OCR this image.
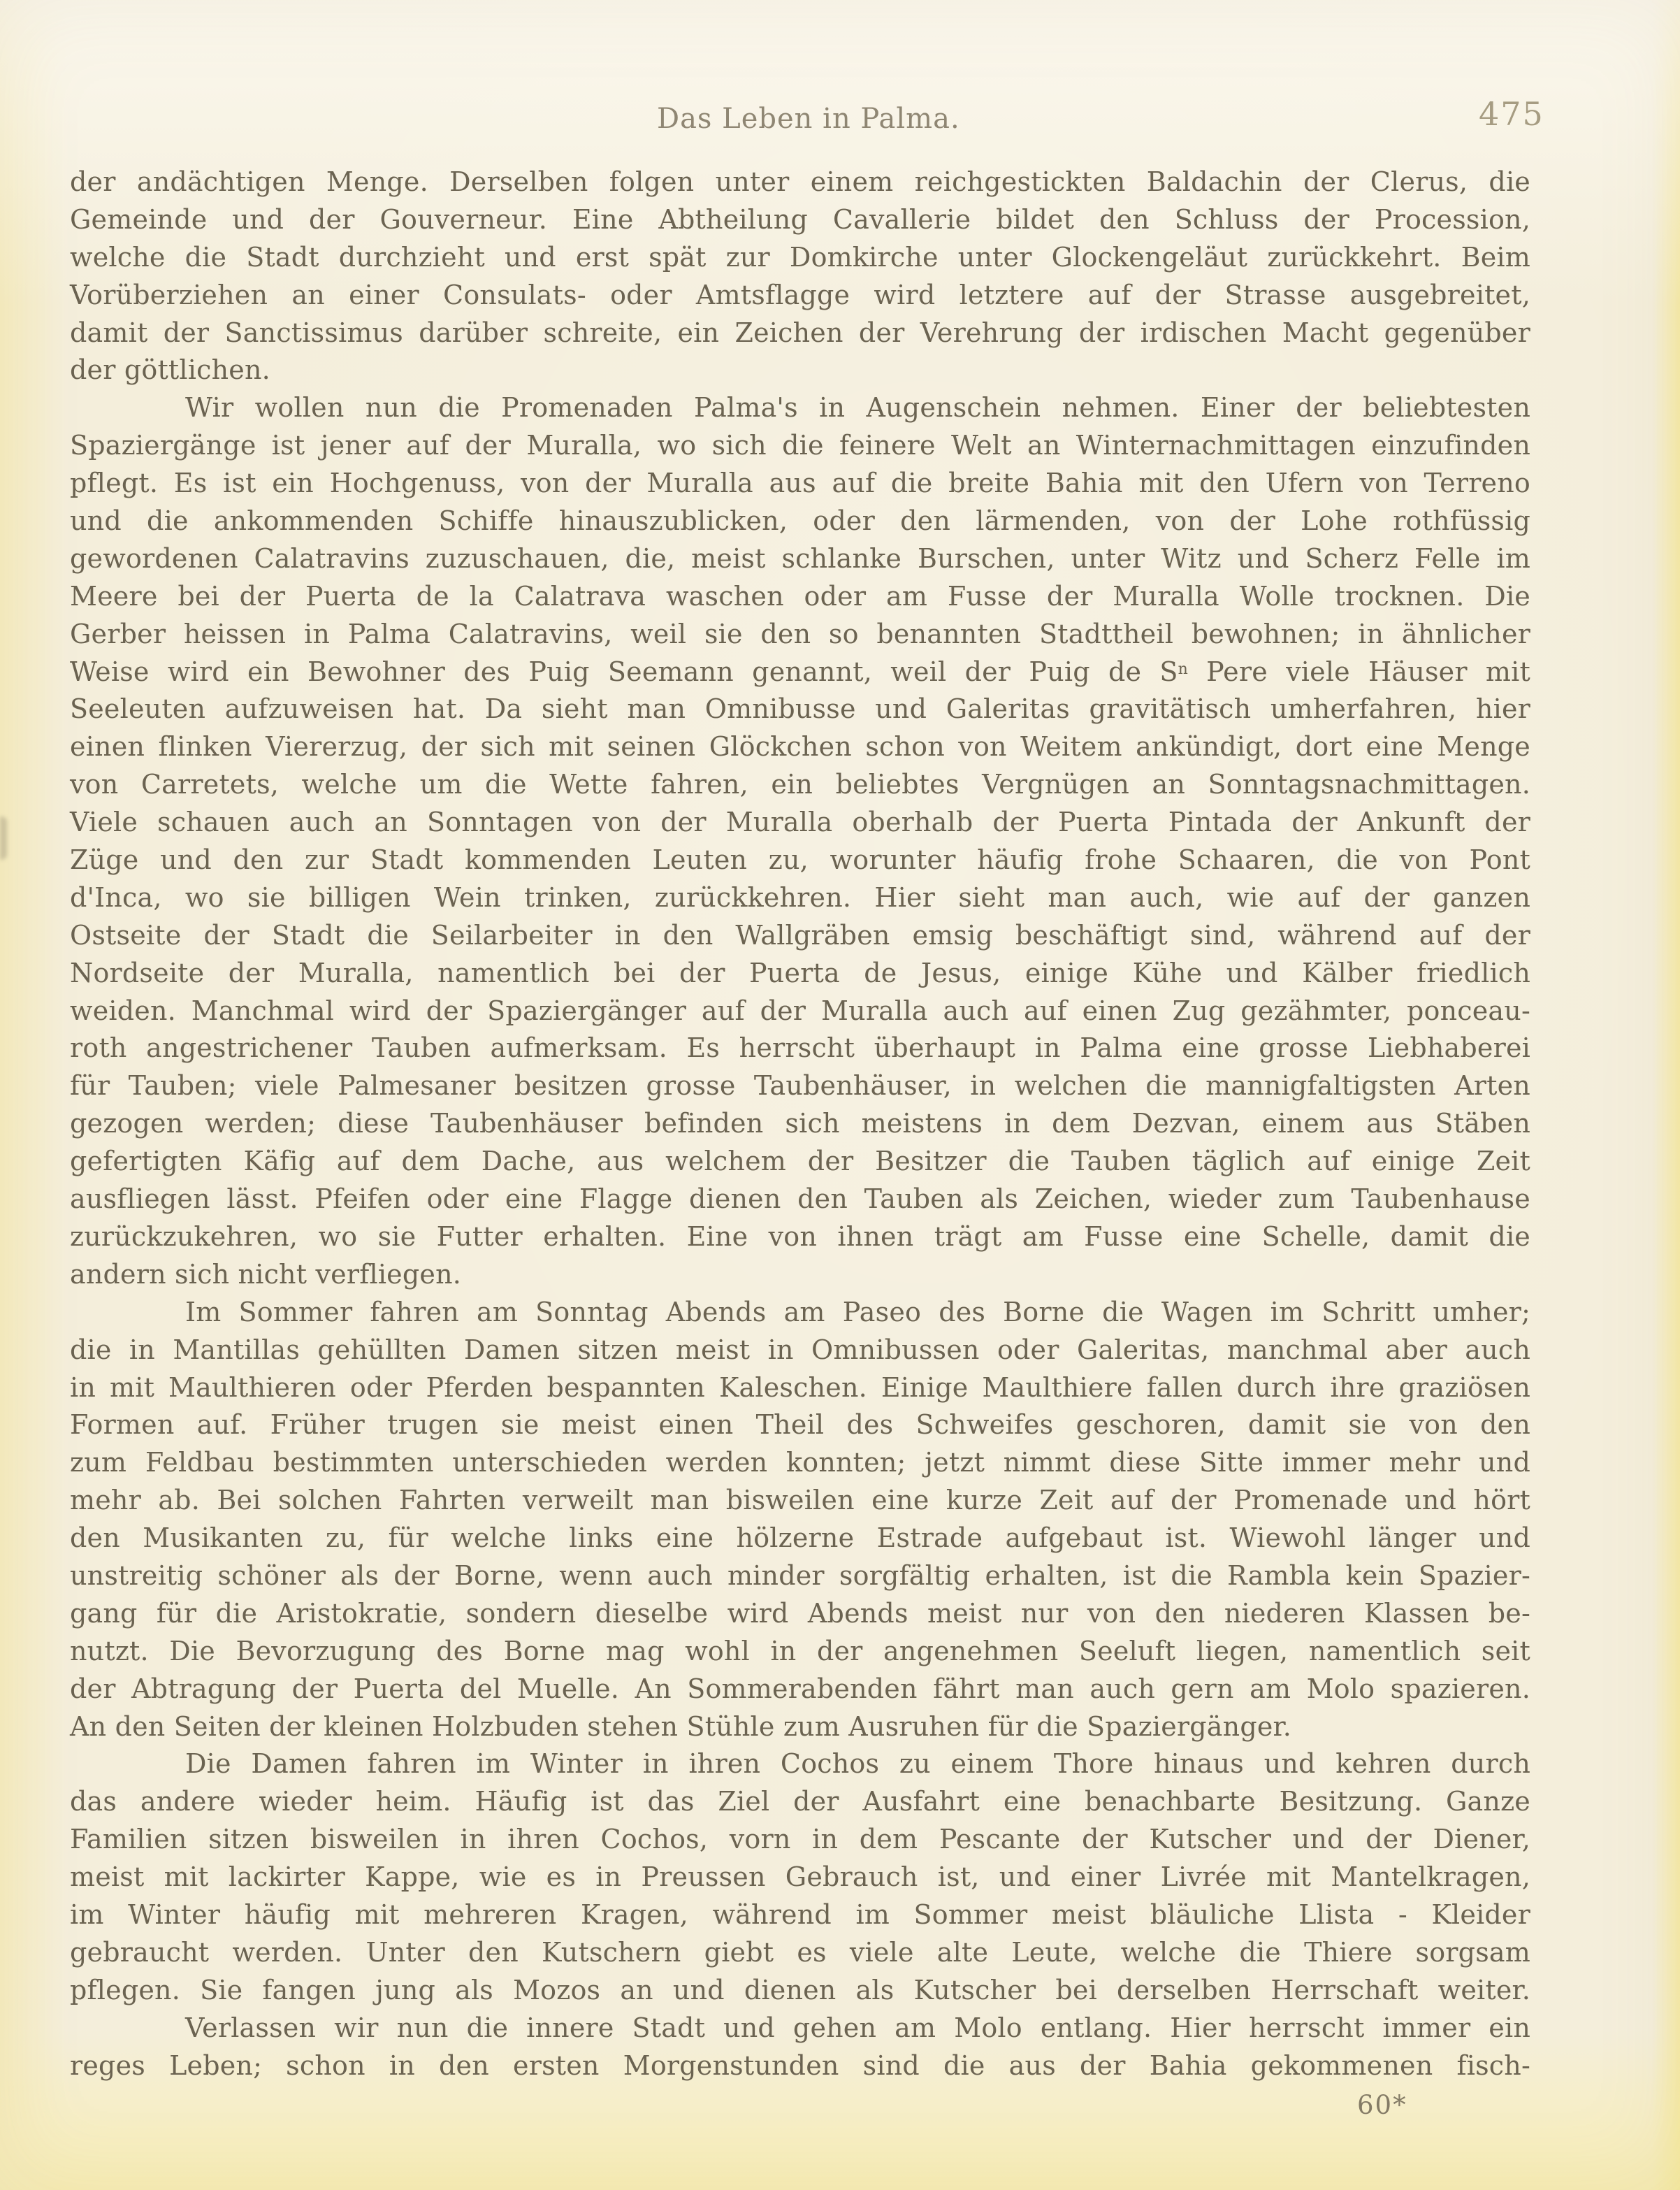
Das Leben in Palma.	475
der andächtigen Menge. Derselben folgen unter einem reichgestickten Baldachin der Clerus, die
Gemeinde und der Gouverneur. Eine Abtheilung Cavallerie bildet den Schluss der Procession,
welche die Stadt durchzieht und erst spät zur Domkirche unter Glockengeläut zurückkehrt. Beim
Vorüberziehen an einer Consulats- oder Amtsflagge wird letztere auf der Strasse ausgebreitet,
damit der Sanctissimus darüber schreite, ein Zeichen der Verehrung der irdischen Macht gegenüber
der göttlichen.
Wir wollen nun die Promenaden Palma's in Augenschein nehmen. Einer der beliebtesten
Spaziergänge ist jener auf der Muralla, wo sich die feinere Welt an Winternachmittagen einzufinden
pflegt. Es ist ein Hochgenuss, von der Muralla aus auf die breite Bahia mit den Ufern von Terreno
und die ankommenden Schiffe hinauszublicken, oder den lärmenden, von der Lohe rothfüssig
gewordenen Calatravins zuzuschauen, die, meist schlanke Burschen, unter Witz und Scherz Felle im
Meere bei der Puerta de la Calatrava waschen oder am Fusse der Muralla Wolle trocknen. Die
Gerber heissen in Palma Calatravins, weil sie den so benannten Stadttheil bewohnen; in ähnlicher
Weise wird ein Bewohner des Puig Seemann genannt, weil der Puig de $S^n$ Pere viele Häuser mit
Seeleuten aufzuweisen hat. Da sieht man Omnibusse und Galeritas gravitätisch umherfahren, hier
einen flinken Viererzug, der sich mit seinen Glöckchen schon von Weitem ankündigt, dort eine Menge
von Carretets, welche um die Wette fahren, ein beliebtes Vergnügen an Sonntagsnachmittagen.
Viele schauen auch an Sonntagen von der Muralla oberhalb der Puerta Pintada der Ankunft der
Züge und den zur Stadt kommenden Leuten zu, worunter häufig frohe Schaaren, die von Pont
d'Inca, wo sie billigen Wein trinken, zurückkehren. Hier sieht man auch, wie auf der ganzen
Ostseite der Stadt die Seilarbeiter in den Wallgräben emsig beschäftigt sind, während auf der
Nordseite der Muralla, namentlich bei der Puerta de Jesus, einige Kühe und Kälber friedlich
weiden. Manchmal wird der Spaziergänger auf der Muralla auch auf einen Zug gezähmter, ponceau-
roth angestrichener Tauben aufmerksam. Es herrscht überhaupt in Palma eine grosse Liebhaberei
für Tauben; viele Palmesaner besitzen grosse Taubenhäuser, in welchen die mannigfaltigsten Arten
gezogen werden; diese Taubenhäuser befinden sich meistens in dem Dezvan, einem aus Stäben
gefertigten Käfig auf dem Dache, aus welchem der Besitzer die Tauben täglich auf einige Zeit
ausfliegen lässt. Pfeifen oder eine Flagge dienen den Tauben als Zeichen, wieder zum Taubenhause
zurückzukehren, wo sie Futter erhalten. Eine von ihnen trägt am Fusse eine Schelle, damit die
andern sich nicht verfliegen.
Im Sommer fahren am Sonntag Abends am Paseo des Borne die Wagen im Schritt umher;
die in Mantillas gehüllten Damen sitzen meist in Omnibussen oder Galeritas, manchmal aber auch
in mit Maulthieren oder Pferden bespannten Kaleschen. Einige Maulthiere fallen durch ihre graziösen
Formen auf. Früher trugen sie meist einen Theil des Schweifes geschoren, damit sie von den
zum Feldbau bestimmten unterschieden werden konnten; jetzt nimmt diese Sitte immer mehr und
mehr ab. Bei solchen Fahrten verweilt man bisweilen eine kurze Zeit auf der Promenade und hört
den Musikanten zu, für welche links eine hölzerne Estrade aufgebaut ist. Wiewohl länger und
unstreitig schöner als der Borne, wenn auch minder sorgfältig erhalten, ist die Rambla kein Spazier-
gang für die Aristokratie, sondern dieselbe wird Abends meist nur von den niederen Klassen be-
nutzt. Die Bevorzugung des Borne mag wohl in der angenehmen Seeluft liegen, namentlich seit
der Abtragung der Puerta del Muelle. An Sommerabenden fährt man auch gern am Molo spazieren.
An den Seiten der kleinen Holzbuden stehen Stühle zum Ausruhen für die Spaziergänger.
Die Damen fahren im Winter in ihren Cochos zu einem Thore hinaus und kehren durch
das andere wieder heim. Häufig ist das Ziel der Ausfahrt eine benachbarte Besitzung. Ganze
Familien sitzen bisweilen in ihren Cochos, vorn in dem Pescante der Kutscher und der Diener,
meist mit lackirter Kappe, wie es in Preussen Gebrauch ist, und einer Livrée mit Mantelkragen,
im Winter häufig mit mehreren Kragen, während im Sommer meist bläuliche Llista - Kleider
gebraucht werden. Unter den Kutschern giebt es viele alte Leute, welche die Thiere sorgsam
pflegen. Sie fangen jung als Mozos an und dienen als Kutscher bei derselben Herrschaft weiter.
Verlassen wir nun die innere Stadt und gehen am Molo entlang. Hier herrscht immer ein
reges Leben; schon in den ersten Morgenstunden sind die aus der Bahia gekommenen fisch-
60*
